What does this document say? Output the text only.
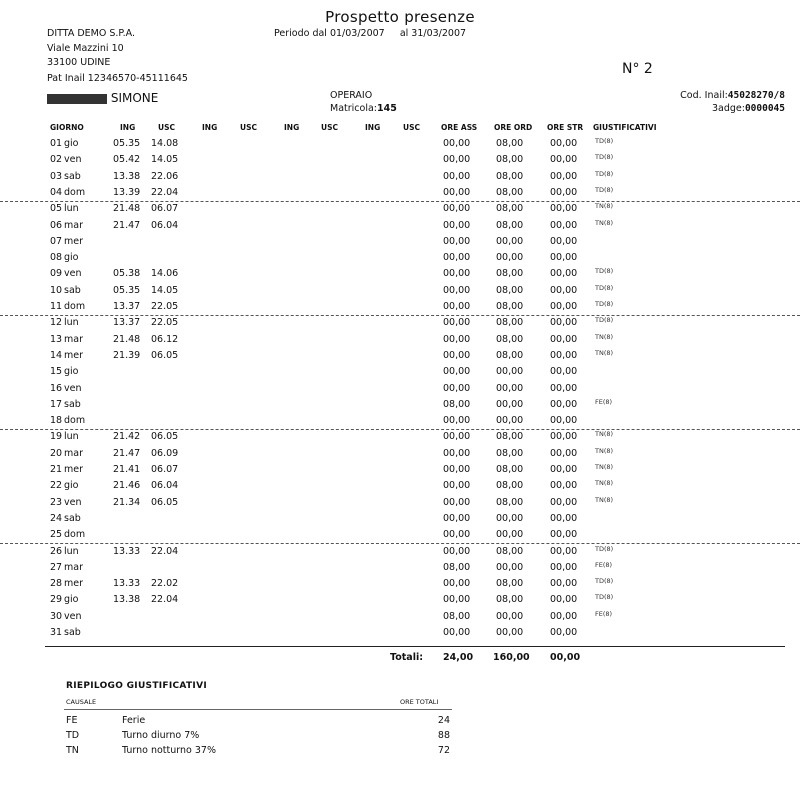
Prospetto presenze
DITTA DEMO S.P.A.
Viale Mazzini 10
33100 UDINE
Pat Inail 12346570-45111645
Periodo dal 01/03/2007     al 31/03/2007
N° 2
SIMONE	OPERAIO
Matricola:145
Cod. Inail:45028270/8
3adge:0000045
GIORNO	ING	USC	ING	USC	ING	USC	ING	USC	ORE ASS ORE ORD ORE STR GIUSTIFICATIVI
01 gio	05.35 14.08	00,00	08,00	00,00	TD(8)
02 ven	05.42 14.05	00,00	08,00	00,00	TD(8)
03 sab	13.38 22.06	00,00	08,00	00,00	TD(8)
04 dom	13.39 22.04	00,00	08,00	00,00	TD(8)
05 lun	21.48 06.07	00,00	08,00	00,00	TN(8)
06 mar	21.47 06.04	00,00	08,00	00,00	TN(8)
07 mer	00,00	00,00	00,00
08 gio	00,00	00,00	00,00
09 ven	05.38 14.06	00,00	08,00	00,00	TD(8)
10 sab	05.35 14.05	00,00	08,00	00,00	TD(8)
11 dom	13.37 22.05	00,00	08,00	00,00	TD(8)
12 lun	13.37 22.05	00,00	08,00	00,00	TD(8)
13 mar	21.48 06.12	00,00	08,00	00,00	TN(8)
14 mer	21.39 06.05	00,00	08,00	00,00	TN(8)
15 gio	00,00	00,00	00,00
16 ven	00,00	00,00	00,00
17 sab	08,00	00,00	00,00	FE(8)
18 dom	00,00	00,00	00,00
19 lun	21.42 06.05	00,00	08,00	00,00	TN(8)
20 mar	21.47 06.09	00,00	08,00	00,00	TN(8)
21 mer	21.41 06.07	00,00	08,00	00,00	TN(8)
22 gio	21.46 06.04	00,00	08,00	00,00	TN(8)
23 ven	21.34 06.05	00,00	08,00	00,00	TN(8)
24 sab	00,00	00,00	00,00
25 dom	00,00	00,00	00,00
26 lun	13.33 22.04	00,00	08,00	00,00	TD(8)
27 mar	08,00	00,00	00,00	FE(8)
28 mer	13.33 22.02	00,00	08,00	00,00	TD(8)
29 gio	13.38 22.04	00,00	08,00	00,00	TD(8)
30 ven	08,00	00,00	00,00	FE(8)
31 sab	00,00	00,00	00,00
Totali: 24,00 160,00 00,00
RIEPILOGO GIUSTIFICATIVI
CAUSALE	ORE TOTALI
FE	Ferie	24
TD	Turno diurno 7%	88
TN	Turno notturno 37%	72
